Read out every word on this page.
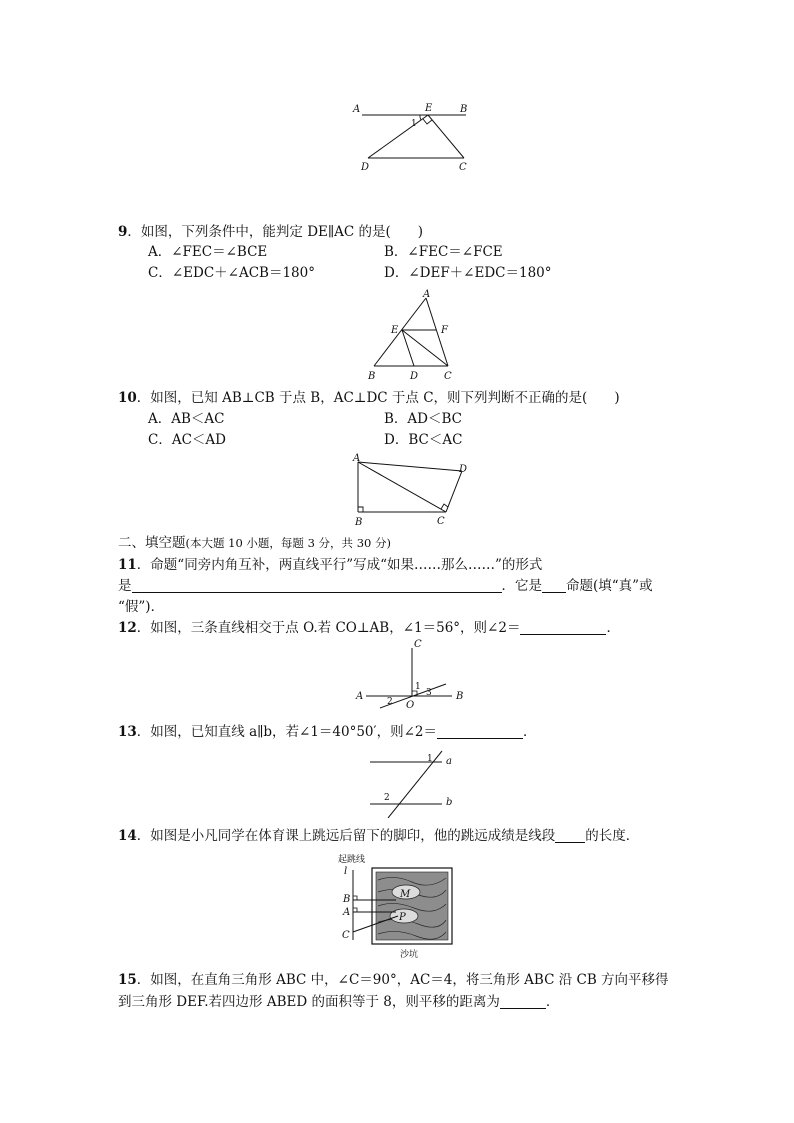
A	E	B
1
D	C
9．如图，下列条件中，能判定 DE∥AC 的是(　　)
A．∠FEC＝∠BCE	B．∠FEC＝∠FCE
C．∠EDC＋∠ACB＝180°	D．∠DEF＋∠EDC＝180°
A
E	F
B	D	C
10．如图，已知 AB⊥CB 于点 B，AC⊥DC 于点 C，则下列判断不正确的是(　　)
A．AB＜AC	B．AD＜BC
C．AC＜AD	D．BC＜AC
A
D
B	C
二、填空题(本大题 10 小题，每题 3 分，共 30 分)
11．命题“同旁内角互补，两直线平行”写成“如果……那么……”的形式
是	．它是 命题(填“真”或
“假”)．
12．如图，三条直线相交于点 O.若 CO⊥AB，∠1＝56°，则∠2＝	．
C
A	B
O
1
2
3
13．如图，已知直线 a∥b，若∠1＝40°50′，则∠2＝	．
1
2
a
b
14．如图是小凡同学在体育课上跳远后留下的脚印，他的跳远成绩是线段 的长度．
起跳线
l
B
A
C
M
P
沙坑
15．如图，在直角三角形 ABC 中，∠C＝90°，AC＝4，将三角形 ABC 沿 CB 方向平移得
到三角形 DEF.若四边形 ABED 的面积等于 8，则平移的距离为	．
